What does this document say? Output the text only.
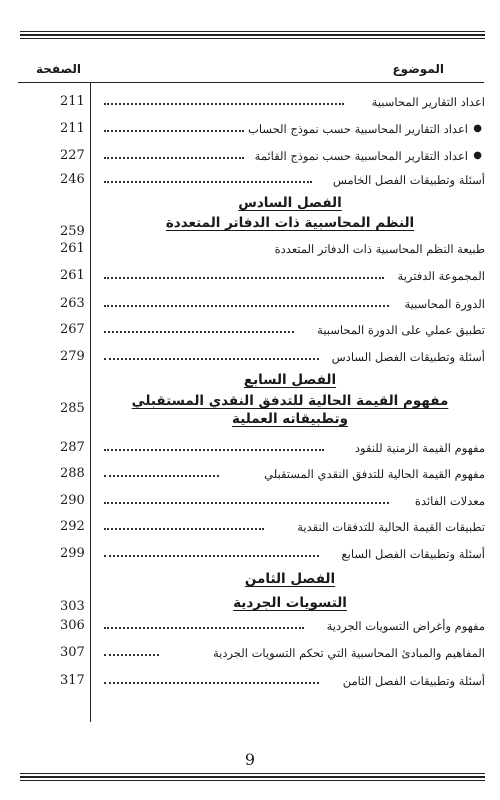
الموضوع
الصفحة
اعداد التقارير المحاسبية
211
●
اعداد التقارير المحاسبية حسب نموذج الحساب
211
●
اعداد التقارير المحاسبية حسب نموذج القائمة
227
أسئلة وتطبيقات الفصل الخامس
246
الفصل السادس
النظم المحاسبية ذات الدفاتر المتعددة
259
طبيعة النظم المحاسبية ذات الدفاتر المتعددة
261
المجموعة الدفترية
261
الدورة المحاسبية
263
تطبيق عملي على الدورة المحاسبية
267
أسئلة وتطبيقات الفصل السادس
279
الفصل السابع
مفهوم القيمة الحالية للتدفق النقدي المستقبلي وتطبيقاته العملية
285
مفهوم القيمة الزمنية للنقود
287
مفهوم القيمة الحالية للتدفق النقدي المستقبلي
288
معدلات الفائدة
290
تطبيقات القيمة الحالية للتدفقات النقدية
292
أسئلة وتطبيقات الفصل السابع
299
الفصل الثامن
التسويات الجردية
303
مفهوم وأغراض التسويات الجردية
306
المفاهيم والمبادئ المحاسبية التي تحكم التسويات الجردية
307
أسئلة وتطبيقات الفصل الثامن
317
9
